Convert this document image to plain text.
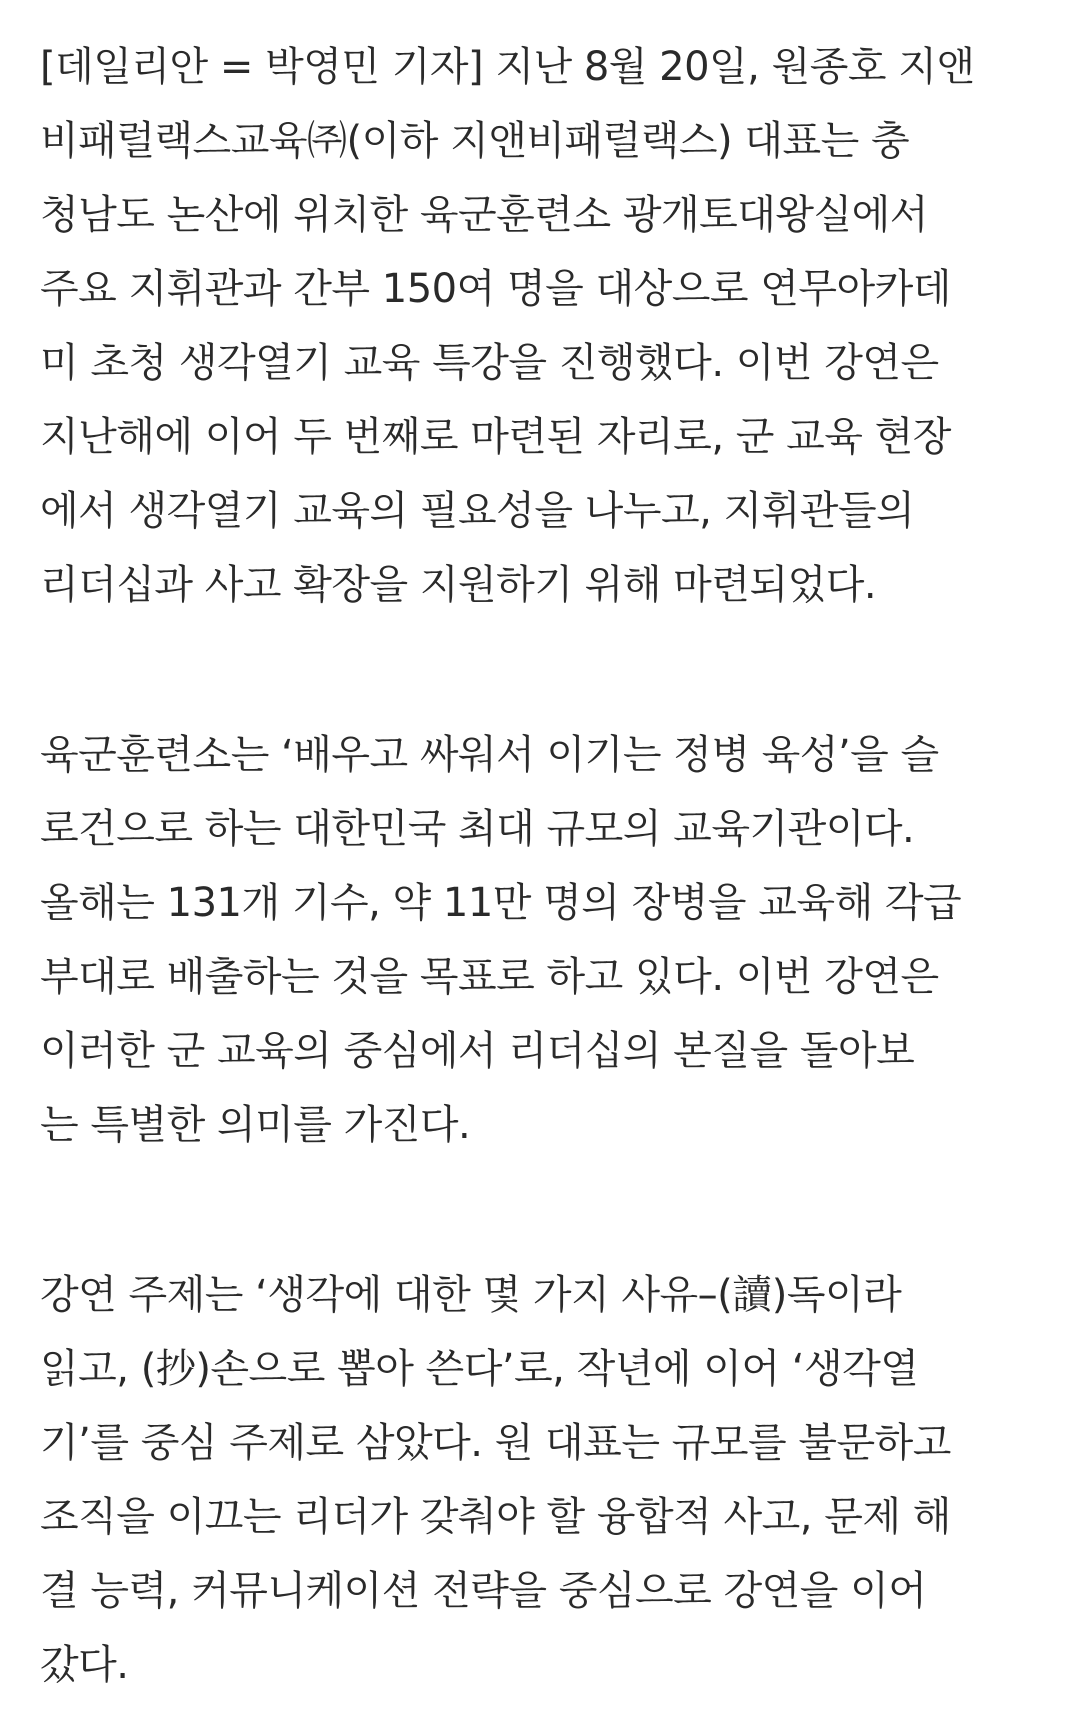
[데일리안 = 박영민 기자] 지난 8월 20일, 원종호 지앤
비패럴랙스교육㈜(이하 지앤비패럴랙스) 대표는 충
청남도 논산에 위치한 육군훈련소 광개토대왕실에서
주요 지휘관과 간부 150여 명을 대상으로 연무아카데
미 초청 생각열기 교육 특강을 진행했다. 이번 강연은
지난해에 이어 두 번째로 마련된 자리로, 군 교육 현장
에서 생각열기 교육의 필요성을 나누고, 지휘관들의
리더십과 사고 확장을 지원하기 위해 마련되었다.
육군훈련소는 ‘배우고 싸워서 이기는 정병 육성’을 슬
로건으로 하는 대한민국 최대 규모의 교육기관이다.
올해는 131개 기수, 약 11만 명의 장병을 교육해 각급
부대로 배출하는 것을 목표로 하고 있다. 이번 강연은
이러한 군 교육의 중심에서 리더십의 본질을 돌아보
는 특별한 의미를 가진다.
강연 주제는 ‘생각에 대한 몇 가지 사유–(讀)독이라
읽고, (抄)손으로 뽑아 쓴다’로, 작년에 이어 ‘생각열
기’를 중심 주제로 삼았다. 원 대표는 규모를 불문하고
조직을 이끄는 리더가 갖춰야 할 융합적 사고, 문제 해
결 능력, 커뮤니케이션 전략을 중심으로 강연을 이어
갔다.
